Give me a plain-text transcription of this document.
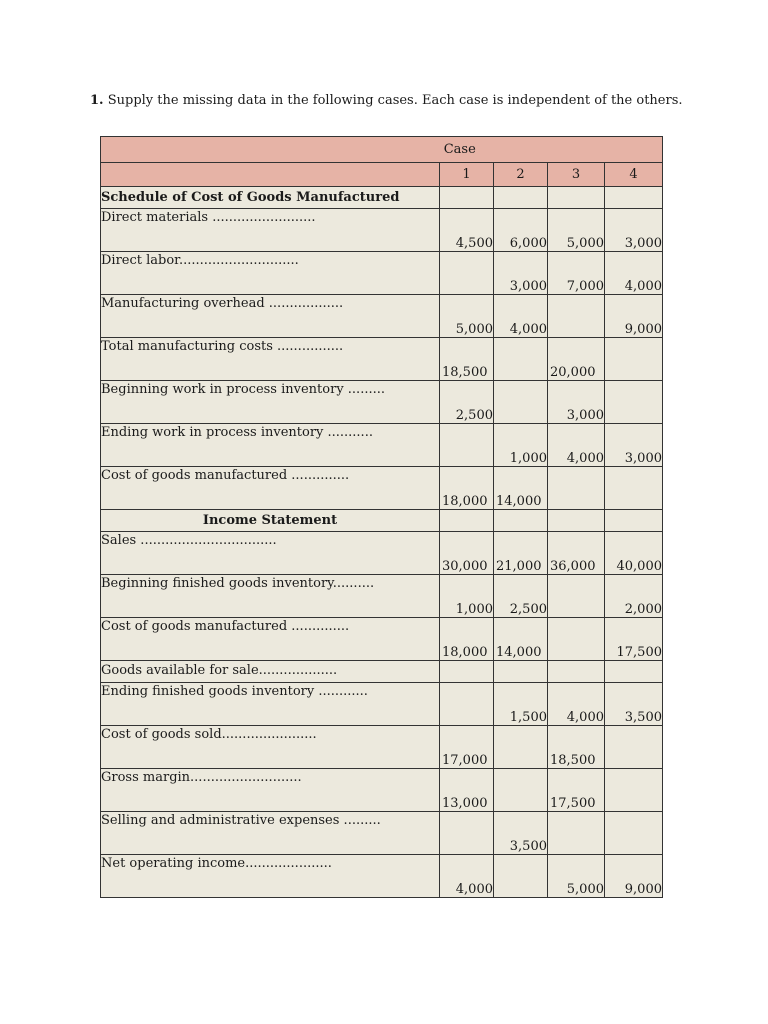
1. Supply the missing data in the following cases. Each case is independent of the others.
	Case			
	1	2	3	4
Schedule of Cost of Goods Manufactured				

Direct materials .........................	4,500	6,000	5,000	3,000

Direct labor.............................		3,000	7,000	4,000

Manufacturing overhead ..................	5,000	4,000		9,000

Total manufacturing costs ................	18,500		20,000	

Beginning work in process inventory .........	2,500		3,000	

Ending work in process inventory ...........		1,000	4,000	3,000

Cost of goods manufactured ..............	18,000	14,000		
Income Statement				

Sales .................................	30,000	21,000	36,000	40,000

Beginning finished goods inventory..........	1,000	2,500		2,000

Cost of goods manufactured ..............	18,000	14,000		17,500

Goods available for sale...................				

Ending finished goods inventory ............		1,500	4,000	3,500

Cost of goods sold.......................	17,000		18,500	

Gross margin...........................	13,000		17,500	

Selling and administrative expenses .........		3,500		

Net operating income.....................	4,000		5,000	9,000
